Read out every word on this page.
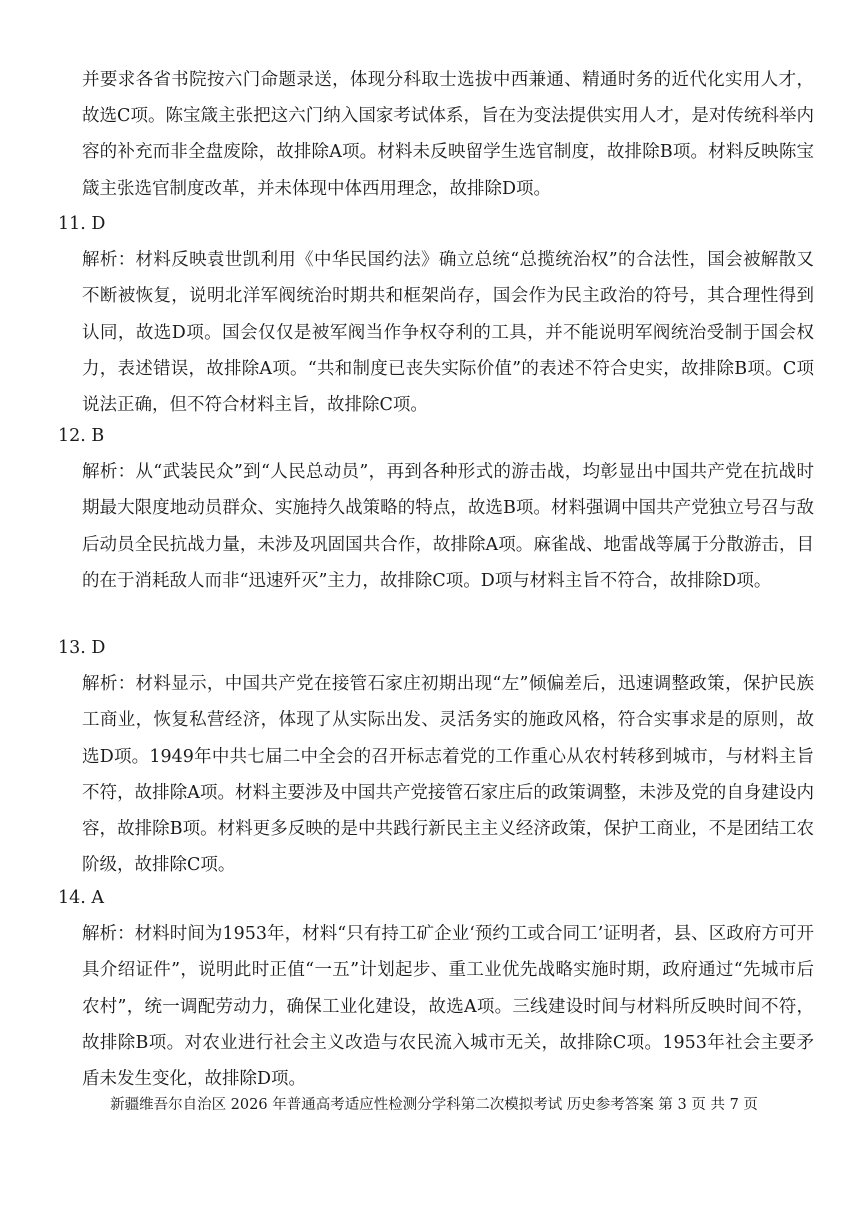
并要求各省书院按六门命题录送，体现分科取士选拔中西兼通、精通时务的近代化实用人才，故选C项。陈宝箴主张把这六门纳入国家考试体系，旨在为变法提供实用人才，是对传统科举内容的补充而非全盘废除，故排除A项。材料未反映留学生选官制度，故排除B项。材料反映陈宝箴主张选官制度改革，并未体现中体西用理念，故排除D项。

11. D

解析：材料反映袁世凯利用《中华民国约法》确立总统“总揽统治权”的合法性，国会被解散又不断被恢复，说明北洋军阀统治时期共和框架尚存，国会作为民主政治的符号，其合理性得到认同，故选D项。国会仅仅是被军阀当作争权夺利的工具，并不能说明军阀统治受制于国会权力，表述错误，故排除A项。“共和制度已丧失实际价值”的表述不符合史实，故排除B项。C项说法正确，但不符合材料主旨，故排除C项。

12. B

解析：从“武装民众”到“人民总动员”，再到各种形式的游击战，均彰显出中国共产党在抗战时期最大限度地动员群众、实施持久战策略的特点，故选B项。材料强调中国共产党独立号召与敌后动员全民抗战力量，未涉及巩固国共合作，故排除A项。麻雀战、地雷战等属于分散游击，目的在于消耗敌人而非“迅速歼灭”主力，故排除C项。D项与材料主旨不符合，故排除D项。

13. D

解析：材料显示，中国共产党在接管石家庄初期出现“左”倾偏差后，迅速调整政策，保护民族工商业，恢复私营经济，体现了从实际出发、灵活务实的施政风格，符合实事求是的原则，故选D项。1949年中共七届二中全会的召开标志着党的工作重心从农村转移到城市，与材料主旨不符，故排除A项。材料主要涉及中国共产党接管石家庄后的政策调整，未涉及党的自身建设内容，故排除B项。材料更多反映的是中共践行新民主主义经济政策，保护工商业，不是团结工农阶级，故排除C项。

14. A

解析：材料时间为1953年，材料“只有持工矿企业‘预约工或合同工’证明者，县、区政府方可开具介绍证件”，说明此时正值“一五”计划起步、重工业优先战略实施时期，政府通过“先城市后农村”，统一调配劳动力，确保工业化建设，故选A项。三线建设时间与材料所反映时间不符，故排除B项。对农业进行社会主义改造与农民流入城市无关，故排除C项。1953年社会主要矛盾未发生变化，故排除D项。

新疆维吾尔自治区 2026 年普通高考适应性检测分学科第二次模拟考试 历史参考答案 第 3 页 共 7 页
